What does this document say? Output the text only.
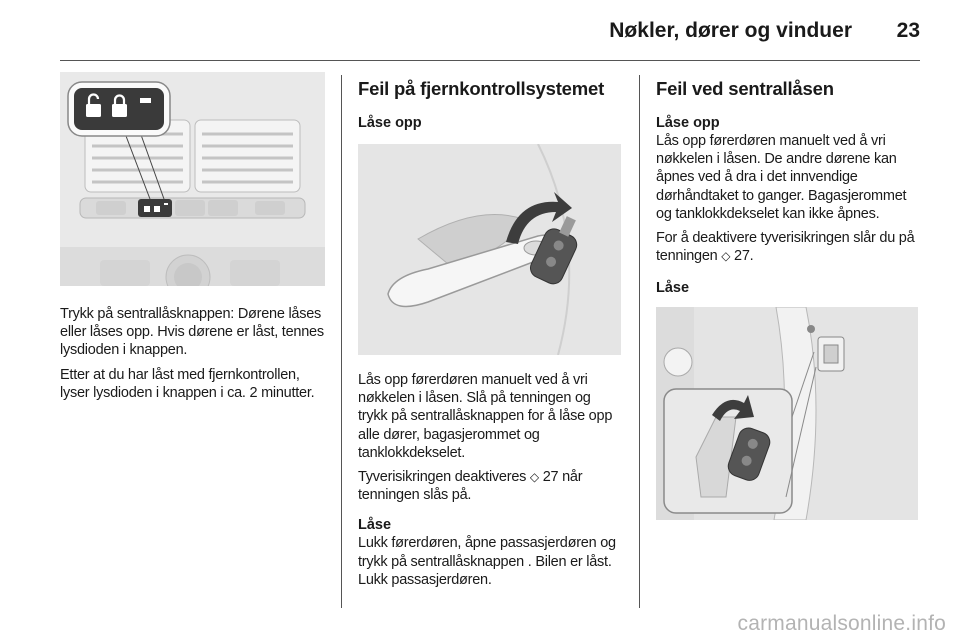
Nøkler, dører og vinduer 23

Trykk på sentrallåsknappen: Dørene låses eller låses opp. Hvis dørene er låst, tennes lysdioden i knappen.

Etter at du har låst med fjernkontrollen, lyser lysdioden i knappen i ca. 2 minutter.

Feil på fjernkontrollsystemet
Låse opp

Lås opp førerdøren manuelt ved å vri nøkkelen i låsen. Slå på tenningen og trykk på sentrallåsknappen for å låse opp alle dører, bagasjerommet og tanklokkdekselet.

Tyverisikringen deaktiveres ◇ 27 når tenningen slås på.

Låse

Lukk førerdøren, åpne passasjerdøren og trykk på sentrallåsknappen . Bilen er låst. Lukk passasjerdøren.

Feil ved sentrallåsen
Låse opp

Lås opp førerdøren manuelt ved å vri nøkkelen i låsen. De andre dørene kan åpnes ved å dra i det innvendige dørhåndtaket to ganger. Bagasjerommet og tanklokkdekselet kan ikke åpnes.

For å deaktivere tyverisikringen slår du på tenningen ◇ 27.

Låse
carmanualsonline.info
